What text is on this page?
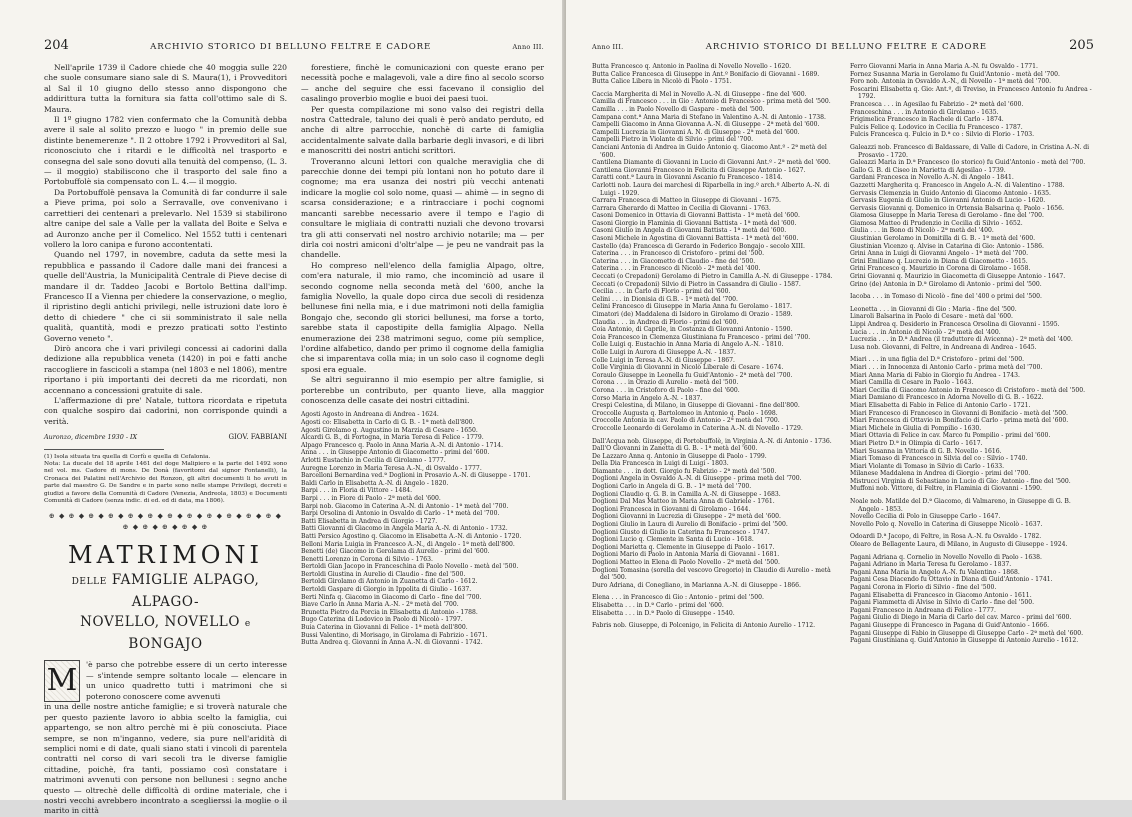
204	ARCHIVIO STORICO DI BELLUNO FELTRE E CADORE	Anno III.

Nell'aprile 1739 il Cadore chiede che 40 moggia sulle 220 che suole consumare siano sale di S. Maura(1), i Provveditori al Sal il 10 giugno dello stesso anno dispongono che addirittura tutta la fornitura sia fatta coll'ottimo sale di S. Maura.

Il 1º giugno 1782 vien confermato che la Comunità debba avere il sale al solito prezzo e luogo " in premio delle sue distinte benemerenze ". Il 2 ottobre 1792 i Provveditori al Sal, riconosciuto che i ritardi e le difficoltà nel trasporto e consegna del sale sono dovuti alla tenuità del compenso, (L. 3.— il moggio) stabiliscono che il trasporto del sale fino a Portobuffolè sia compensato con L. 4.— il moggio.

Da Portobuffolè pensava la Comunità di far condurre il sale a Pieve prima, poi solo a Serravalle, ove convenivano i carrettieri dei centenari a prelevarlo. Nel 1539 si stabilirono altre canipe del sale a Valle per la vallata del Boite e Selva e ad Auronzo anche per il Comelico. Nel 1552 tutti i centenari vollero la loro canipa e furono accontentati.

Quando nel 1797, in novembre, caduta da sette mesi la repubblica e passando il Cadore dalle mani dei francesi a quelle dell'Austria, la Municipalità Centrale di Pieve decise di mandare il dr. Taddeo Jacobi e Bortolo Bettina dall'imp. Francesco II a Vienna per chiedere la conservazione, o meglio, il ripristino degli antichi privilegi, nelle istruzioni date loro è detto di chiedere " che ci sii somministrato il sale nella qualità, quantità, modi e prezzo praticati sotto l'estinto Governo veneto ".

Dirò ancora che i vari privilegi concessi ai cadorini dalla dedizione alla repubblica veneta (1420) in poi e fatti anche raccogliere in fascicoli a stampa (nel 1803 e nel 1806), mentre riportano i più importanti dei decreti da me ricordati, non accennano a concessioni gratuite di sale.

L'affermazione di pre' Natale, tuttora ricordata e ripetuta con qualche sospiro dai cadorini, non corrisponde quindi a verità.

Auronzo, dicembre 1930 - IX	GIOV. FABBIANI
(1) Isola situata tra quella di Corfù e quella di Cefalonia.
Nota: La ducale del 18 aprile 1461 del doge Malipiero e la parte del 1492 sono nel vol. ms. Cadore di mons. De Donà (favoritomi dal signor Fontanelli), la Cronaca dei Palatini nell'Archivio dei Ronzon, gli altri documenti li ho avuti in parte dal maestro G. De Sandre e in parte sono nelle stampe Privilegi, decreti e giudizi a favore della Comunità di Cadore (Venezia, Andreola, 1803) e Documenti Comunità di Cadore (senza indic. di ed. ed di data, ma 1806).
⊕ ◆ ⊕ ◆ ⊕ ◆ ⊕ ◆ ⊕ ◆ ⊕ ◆ ⊕ ◆ ⊕ ◆ ⊕ ◆ ⊕ ◆ ⊕ ◆ ⊕ ◆ ⊕ ◆ ⊕ ◆ ⊕ ◆ ⊕ ◆ ⊕
MATRIMONI
DELLE FAMIGLIE ALPAGO, ALPAGO-
NOVELLO, NOVELLO e BONGAJO
M	'è parso che potrebbe essere di un certo interesse — s'intende sempre soltanto locale — elencare in un unico quadretto tutti i matrimoni che si poterono conoscere come avvenuti
in una delle nostre antiche famiglie; e si troverà naturale che per questo paziente lavoro io abbia scelto la famiglia, cui appartengo, se non altro perchè mi è più conosciuta. Piace sempre, se non m'inganno, vedere, sia pure nell'aridità di semplici nomi e di date, quali siano stati i vincoli di parentela contratti nel corso di vari secoli tra le diverse famiglie cittadine, poichè, fra tanti, possiamo così constatare i matrimoni avvenuti con persone non bellunesi : segno anche questo — oltrechè delle difficoltà di ordine materiale, che i nostri vecchi avrebbero incontrato a sceglierssi la moglie o il marito in città

forestiere, finchè le comunicazioni con queste erano per necessità poche e malagevoli, vale a dire fino al secolo scorso — anche del seguire che essi facevano il consiglio del casalingo proverbio moglie e buoi dei paesi tuoi.

Per questa compilazione mi sono valso dei registri della nostra Cattedrale, taluno dei quali è però andato perduto, ed anche di altre parrocchie, nonchè di carte di famiglia accidentalmente salvate dalla barbarie degli invasori, e di libri e manoscritti dei nostri antichi scrittori.

Troveranno alcuni lettori con qualche meraviglia che di parecchie donne dei tempi più lontani non ho potuto dare il cognome; ma era usanza dei nostri più vecchi antenati indicare la moglie col solo nome, quasi — ahimè — in segno di scarsa considerazione; e a rintracciare i pochi cognomi mancanti sarebbe necessario avere il tempo e l'agio di consultare le migliaia di contratti nuziali che devono trovarsi tra gli atti conservati nel nostro archivio notarile; ma — per dirla coi nostri amiconi d'oltr'alpe — je peu ne vandrait pas la chandelle.

Ho compreso nell'elenco della famiglia Alpago, oltre, com'era naturale, il mio ramo, che incominciò ad usare il secondo cognome nella seconda metà del '600, anche la famiglia Novello, la quale dopo circa due secoli di residenza bellunese fini nella mia, e i due matrimoni noti della famiglia Bongajo che, secondo gli storici bellunesi, ma forse a torto, sarebbe stata il capostipite della famiglia Alpago. Nella enumerazione dei 238 matrimoni seguo, come più semplice, l'ordine alfabetico, dando per primo il cognome della famiglia che si imparentava colla mia; in un solo caso il cognome degli sposi era eguale.

Se altri seguiranno il mio esempio per altre famiglie, si porterebbe un contributo, per quanto lieve, alla maggior conoscenza delle casate dei nostri cittadini.

Agosti Agosto in Andreana di Andrea - 1624.
Agosti co: Elisabetta in Carlo di G. B. - 1ª metà dell'800.
Agosti Girolamo q. Augustino in Marzia di Cesare - 1650.
Alcardi G. B., di Fortogna, in Maria Teresa di Felice - 1779.
Alpago Francesco q. Paolo in Anna Maria A.-N. di Antonio - 1714.
Anna . . . in Giuseppe Antonio di Giacometto - primi del '600.
Arlotti Eustachio in Cecilia di Girolamo - 1777.
Auregne Lorenzo in Maria Teresa A.-N., di Osvaldo - 1777.
Barcelloni Bernardina ved.ª Doglioni in Prosavio A.-N. di Giuseppe - 1701.
Baldi Carlo in Elisabetta A.-N. di Angelo - 1820.
Barpi . . . in Floria di Vittore - 1484.
Barpi . . . in Fiore di Paolo - 2ª metà del '600.
Barpi nob. Giacomo in Caterina A.-N. di Antonio - 1ª metà del '700.
Barpi Orsolina di Antonio in Osvaldo di Carlo - 1ª metà del '700.
Batti Elisabetta in Andrea di Giorgio - 1727.
Batti Giovanni di Giacomo in Angela Maria A.-N. di Antonio - 1732.
Batti Persico Agostino q. Giacomo in Elisabetta A.-N. di Antonio - 1720.
Belloni Maria Luigia in Francesco A.-N., di Angelo - 1ª metà dell'800.
Benetti (de) Giacomo in Gerolama di Aurelio - primi del '600.
Benetti Lorenzo in Corona di Silvio - 1763.
Bertoldi Gian Jacopo in Franceschina di Paolo Novello - metà del '500.
Bertoldi Giustina in Aurelio di Claudio - fine del '500.
Bertoldi Girolamo di Antonio in Zuanetta di Carlo - 1612.
Bertoldi Gaspare di Giorgio in Ippolita di Giulio - 1637.
Berti Ninfa q. Giacomo in Giacomo di Carlo - fine del '700.
Biave Carlo in Anna Maria A.-N. - 2ª metà del '700.
Brunetta Pietro da Porcia in Elisabetta di Antonio - 1788.
Bugo Caterina di Lodovico in Paolo di Nicolò - 1797.
Buia Caterina in Giovanni di Felice - 1ª metà dell'800.
Bussi Valentino, di Morisago, in Girolama di Fabrizio - 1671.
Butta Andrea q. Giovanni in Anna A.-N. di Giovanni - 1742.
Anno III.	ARCHIVIO STORICO DI BELLUNO FELTRE E CADORE	205
Butta Francesco q. Antonio in Paolina di Novello Novello - 1620.
Butta Calice Francesca di Giuseppe in Ant.º Bonifacio di Giovanni - 1689.
Butta Calice Libera in Nicolò di Paolo - 1751.
Caccia Margherita di Mel in Novello A.-N. di Giuseppe - fine del '600.
Camilla di Francesco . . . in Gio : Antonio di Francesco - prima metà del '500.
Camilla . . . in Paolo Novello di Gaspare - metà del '500.
Campana cont.ª Anna Maria di Stefano in Valentino A.-N. di Antonio - 1738.
Campelli Giacomo in Anna Giovanna A.-N. di Giuseppe - 2ª metà del '600.
Campelli Lucrezia in Giovanni A. N. di Giuseppe - 2ª metà del '600.
Campelli Pietro in Violante di Silvio - primi del '700.
Canciani Antonia di Andrea in Guido Antonio q. Giacomo Ant.º - 2ª metà del '600.
Cantilena Diamante di Giovanni in Lucio di Giovanni Ant.º - 2ª metà del '600.
Cantilena Giovanni Francesco in Felicita di Giuseppe Antonio - 1627.
Caratti cont.ª Laura in Giovanni Ascanio fu Francesco - 1814.
Carlotti nob. Laura dei marchesi di Riparbella in ing.º arch.º Alberto A.-N. di Luigi - 1929.
Carrara Francesca di Matteo in Giuseppe di Giovanni - 1675.
Carrara Gherardo di Matteo in Cecilia di Giovanni - 1763.
Casoni Domenico in Ottavia di Giovanni Battista - 1ª metà del '600.
Casoni Giorgio in Flaminia di Giovanni Battista - 1ª metà del '600.
Casoni Giulio in Angela di Giovanni Battista - 1ª metà del '600.
Casoni Michele in Agostina di Giovanni Battista - 1ª metà del '600.
Castello (da) Francesca di Gerardo in Federico Bongajo - secolo XIII.
Caterina . . . in Francesco di Cristoforo - primi del '500.
Caterina . . . in Giacometto di Claudio - fine del '500.
Caterina . . . in Francesco di Nicolò - 2ª metà del '400.
Ceccati (o Crepadoni) Gerolamo di Pietro in Camilla A.-N. di Giuseppe - 1784.
Ceccati (o Crepadoni) Silvio di Pietro in Cassandra di Giulio - 1587.
Cecilia . . . in Carlo di Florio - primi del '600.
Celini . . . in Dionisia di G.B. - 1ª metà del '700.
Celini Francesco di Giuseppe in Maria Anna fu Gerolamo - 1817.
Cimatori (de) Maddalena di Isidoro in Girolamo di Orazio - 1589.
Claudia . . . in Andrea di Florio - primi del '600.
Coia Antonio, di Caprile, in Costanza di Giovanni Antonio - 1590.
Coia Francesco in Clemenza Giustiniana fu Francesco - primi del '700.
Colle Luigi q. Eustachio in Anna Maria di Angelo A.-N. - 1810.
Colle Luigi in Aurora di Giuseppe A.-N. - 1837.
Colle Luigi in Teresa A.-N. di Giuseppe - 1867.
Colle Virginia di Giovanni in Nicolò Liberale di Cesare - 1674.
Coraulo Giuseppe in Leonella fu Guid'Antonio - 2ª metà del '700.
Corona . . . in Orazio di Aurelio - metà del '500.
Corona . . . in Cristoforo di Paolo - fine del '600.
Corso Maria in Angelo A.-N. - 1837.
Crespi Celestina, di Milano, in Giuseppe di Giovanni - fine dell'800.
Croccolle Augusta q. Bartolomeo in Antonio q. Paolo - 1698.
Croccolle Antonia in cav. Paolo di Antonio - 2ª metà del '700.
Croccolle Leonardo di Gerolamo in Caterina A.-N. di Novello - 1729.
Dall'Acqua nob. Giuseppe, di Portobuffolè, in Virginia A.-N. di Antonio - 1736.
Dall'O Giovanni in Zanetta di G. B. - 1ª metà del '600.
De Lazzaro Anna q. Antonio in Giuseppe di Paolo - 1799.
Della Dia Francesca in Luigi di Luigi - 1803.
Diamante . . . in dott. Giorgio fu Fabrizio - 2ª metà del '500.
Doglioni Angela in Osvaldo A.-N. di Giuseppe - prima metà del '700.
Doglioni Carlo in Angela di G. B. - 1ª metà del '700.
Doglioni Claudio q. G. B. in Camilla A.-N. di Giuseppe - 1683.
Doglioni Dal Mas Matteo in Maria Anna di Gabriele - 1761.
Doglioni Francesca in Giovanni di Girolamo - 1644.
Doglioni Giovanni in Lucrezia di Giuseppe - 2ª metà del '600.
Doglioni Giulio in Laura di Aurelio di Bonifacio - primi del '500.
Doglioni Giusto di Giulio in Caterina fu Francesco - 1747.
Doglioni Lucio q. Clemente in Santa di Lucio - 1618.
Doglioni Marietta q. Clemente in Giuseppe di Paolo - 1617.
Doglioni Mario di Paolo in Antonia Maria di Giovanni - 1681.
Doglioni Matteo in Elena di Paolo Novello - 2ª metà del '500.
Doglioni Tomasina (sorella del vescovo Gregorio) in Claudio di Aurelio - metà del '500.
Duro Adriana, di Conegliano, in Marianna A.-N. di Giuseppe - 1866.
Elena . . . in Francesco di Gio : Antonio - primi del '500.
Elisabetta . . . in D.ª Carlo - primi del '600.
Elisabetta . . . in D.ª Paolo di Giuseppe - 1540.
Fabris nob. Giuseppe, di Polcenigo, in Felicita di Antonio Aurelio - 1712.
Ferro Giovanni Maria in Anna Maria A.-N. fu Osvaldo - 1771.
Fornez Susanna Maria in Gerolamo fu Guid'Antonio - metà del '700.
Foro nob. Antonia in Osvaldo A.-N., di Novello - 1ª metà del '700.
Foscarini Elisabetta q. Gio: Ant.º, di Treviso, in Francesco Antonio fu Andrea - 1792.
Francesca . . . in Agesilao fu Fabrizio - 2ª metà del '600.
Franceschina . . . in Antonio di Girolamo - 1635.
Frigimelica Francesco in Rachele di Carlo - 1874.
Fulcis Felice q. Lodovico in Cecilia fu Francesco - 1787.
Fulcis Francesca q. Fulcio in D.ª co : Silvio di Florio - 1703.
Galeazzi nob. Francesco di Baldassare, di Valle di Cadore, in Cristina A.-N. di Prosavio - 1720.
Galeazzi Maria in D.ª Francesco (lo storico) fu Guid'Antonio - metà del '700.
Gallo G. B. di Ciseo in Marietta di Agesilao - 1739.
Gardani Francesca in Novello A.-N. di Angelo - 1841.
Gazzetti Margherita q. Francesco in Angelo A.-N. di Valentino - 1788.
Gervasis Clemenzia in Guido Antonio di Giacomo Antonio - 1635.
Gervasis Eugenia di Giulio in Giovanni Antonio di Lucio - 1620.
Gervasis Giovanni q. Domenico in Ortensia Balsarina q. Paolo - 1656.
Giamosa Giuseppe in Maria Teresa di Gerolamo - fine del '700.
Giamosa Matteo di Prudenzio in Cecilia di Silvio - 1652.
Giulia . . . in Bono di Nicolò - 2ª metà del '400.
Giustinian Gerolamo in Domitilla di G. B. - 1ª metà del '600.
Giustinian Vicenzo q. Alvise in Catarina di Gio: Antonio - 1586.
Grini Anna in Luigi di Giovanni Angelo - 1ª metà del '700.
Grini Emiliano q. Lucrezio in Diana di Giacometto - 1615.
Grini Francesco q. Maurizio in Corona di Girolamo - 1658.
Grini Giovanni q. Maurizio in Giacometta di Giuseppe Antonio - 1647.
Grino (de) Antonia in D.ª Girolamo di Antonio - primi del '500.
Iacoba . . . in Tomaso di Nicolò - fine del '400 o primi del '500.
Leonetta . . . in Giovanni di Gio : Maria - fine del '500.
Linaroli Balsarina in Paolo di Cesare - metà dal '600.
Lippi Andrea q. Desiderio in Francesca Orsolina di Giovanni - 1595.
Lucia . . . in Antonio di Nicolò - 2ª metà del '400.
Lucrezia . . . in D.ª Andrea (il traduttore di Avicenna) - 2ª metà del '400.
Lusa nob. Giovanni, di Feltre, in Andreana di Andrea - 1645.
Miari . . . in una figlia del D.ª Cristoforo - primi del '500.
Miari . . . in Innocenza di Antonio Carlo - prima metà del '700.
Miari Anna Maria di Fabio in Giorgio fu Andrea - 1743.
Miari Camilla di Cesare in Paolo - 1643.
Miari Cecilia di Giacomo Antonio in Francesco di Cristoforo - metà del '500.
Miari Damiano di Francesco in Adorna Novello di G. B. - 1622.
Miari Elisabetta di Fabio in Felice di Antonio Carlo - 1721.
Miari Francesco di Francesco in Giovanni di Bonifacio - metà del '500.
Miari Francesca di Ottavio in Bonifacio di Carlo - prima metà del '600.
Miari Michele in Giulia di Pompilio - 1630.
Miari Ottavia di Felice in cav. Marco fu Pompilio - primi del '600.
Miari Pietro D.ª in Olimpia di Carlo - 1617.
Miari Susanna in Vittoria di G. B. Novello - 1616.
Miari Tomaso di Francesco in Silvia del co : Silvio - 1740.
Miari Violante di Tomaso in Silvio di Carlo - 1633.
Milanese Maddalena in Andrea di Giorgio - primi del '700.
Mistrucci Virginia di Sebastiano in Lucio di Gio: Antonio - fine del '500.
Muffoni nob. Vittore, di Feltre, in Flaminia di Giovanni - 1590.
Noale nob. Matilde del D.ª Giacomo, di Valmareno, in Giuseppe di G. B. Angelo - 1853.
Novello Cecilia di Polo in Giuseppe Carlo - 1647.
Novello Polo q. Novello in Caterina di Giuseppe Nicolò - 1637.
Odoardi D.ª Jacopo, di Feltre, in Rosa A.-N. fu Osvaldo - 1782.
Olearo de Bellagente Laura, di Milano, in Augusto di Giuseppe - 1924.
Pagani Adriana q. Cornelio in Novello Novello di Paolo - 1638.
Pagani Adriano in Maria Teresa fu Gerolamo - 1837.
Pagani Anna Maria in Angelo A.-N. fu Valentino - 1868.
Pagani Cesa Diacendo fu Ottavio in Diana di Guid'Antonio - 1741.
Pagani Corona in Florio di Silvio - fine del '500.
Pagani Elisabetta di Francesco in Giacomo Antonio - 1611.
Pagani Fiammetta di Alvise in Silvio di Carlo - fine del '500.
Pagani Francesco in Andreana di Felice - 1777.
Pagani Giulio di Diego in Maria di Carlo del cav. Marco - primi del '600.
Pagani Giuseppe di Francesco in Pagana di Guid'Antonio - 1666.
Pagani Giuseppe di Fabio in Giuseppe di Giuseppe Carlo - 2ª metà del '600.
Pagani Giustiniana q. Guid'Antonio in Giuseppe di Antonio Aurelio - 1612.
